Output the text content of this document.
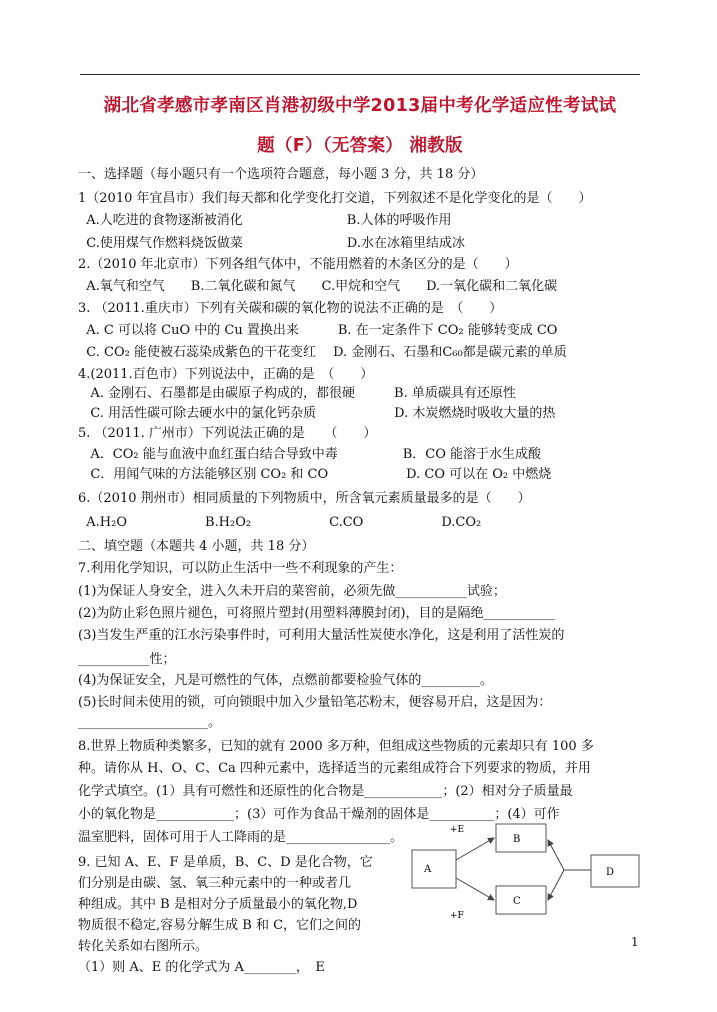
湖北省孝感市孝南区肖港初级中学2013届中考化学适应性考试试
题（F）（无答案） 湘教版
一、选择题（每小题只有一个选项符合题意，每小题 3 分，共 18 分）
1（2010 年宜昌市）我们每天都和化学变化打交道，下列叙述不是化学变化的是（　　）
A.人吃进的食物逐渐被消化　　　　　　　　B.人体的呼吸作用
C.使用煤气作燃料烧饭做菜　　　　　　　　D.水在冰箱里结成冰
2.（2010 年北京市）下列各组气体中，不能用燃着的木条区分的是（　　）
A.氧气和空气　　B.二氧化碳和氮气　　C.甲烷和空气　　D.一氧化碳和二氧化碳
3. （2011.重庆市）下列有关碳和碳的氧化物的说法不正确的是　（　　）
A. C 可以将 CuO 中的 Cu 置换出来　　　B. 在一定条件下 CO₂ 能够转变成 CO
C. CO₂ 能使被石蕊染成紫色的干花变红　 D. 金刚石、石墨和C₆₀都是碳元素的单质
4.(2011.百色市）下列说法中，正确的是　（　　）
A. 金刚石、石墨都是由碳原子构成的，都很硬　　　B. 单质碳具有还原性
C. 用活性碳可除去硬水中的氯化钙杂质　　　　　　D. 木炭燃烧时吸收大量的热
5. （2011. 广州市）下列说法正确的是　　（　　）
A．CO₂ 能与血液中血红蛋白结合导致中毒　　　　　B．CO 能溶于水生成酸
C．用闻气味的方法能够区别 CO₂ 和 CO　　　　　　D. CO 可以在 O₂ 中燃烧
6.（2010 荆州市）相同质量的下列物质中，所含氧元素质量最多的是（　　）
A.H₂O　　　　　　B.H₂O₂　　　　　　C.CO　　　　　　D.CO₂
二、填空题（本题共 4 小题，共 18 分）
7.利用化学知识，可以防止生活中一些不利现象的产生：
(1)为保证人身安全，进入久未开启的菜窖前，必须先做___________试验；
(2)为防止彩色照片褪色，可将照片塑封(用塑料薄膜封闭)，目的是隔绝___________
(3)当发生严重的江水污染事件时，可利用大量活性炭使水净化，这是利用了活性炭的
___________性；
(4)为保证安全，凡是可燃性的气体，点燃前都要检验气体的_________。
(5)长时间未使用的锁，可向锁眼中加入少量铅笔芯粉末，便容易开启，这是因为：
____________________。
8.世界上物质种类繁多，已知的就有 2000 多万种，但组成这些物质的元素却只有 100 多
种。请你从 H、O、C、Ca 四种元素中，选择适当的元素组成符合下列要求的物质，并用
化学式填空。(1）具有可燃性和还原性的化合物是____________；(2）相对分子质量最
小的氧化物是____________；(3）可作为食品干燥剂的固体是__________；(4）可作
温室肥料，固体可用于人工降雨的是________________。
9. 已知 A、E、F 是单质，B、C、D 是化合物，它
们分别是由碳、氢、氧三种元素中的一种或者几
种组成。其中 B 是相对分子质量最小的氧化物,D
物质很不稳定,容易分解生成 B 和 C，它们之间的
转化关系如右图所示。
（1）则 A、E 的化学式为 A________，　E
A
B
C
D
+E
+F
1
